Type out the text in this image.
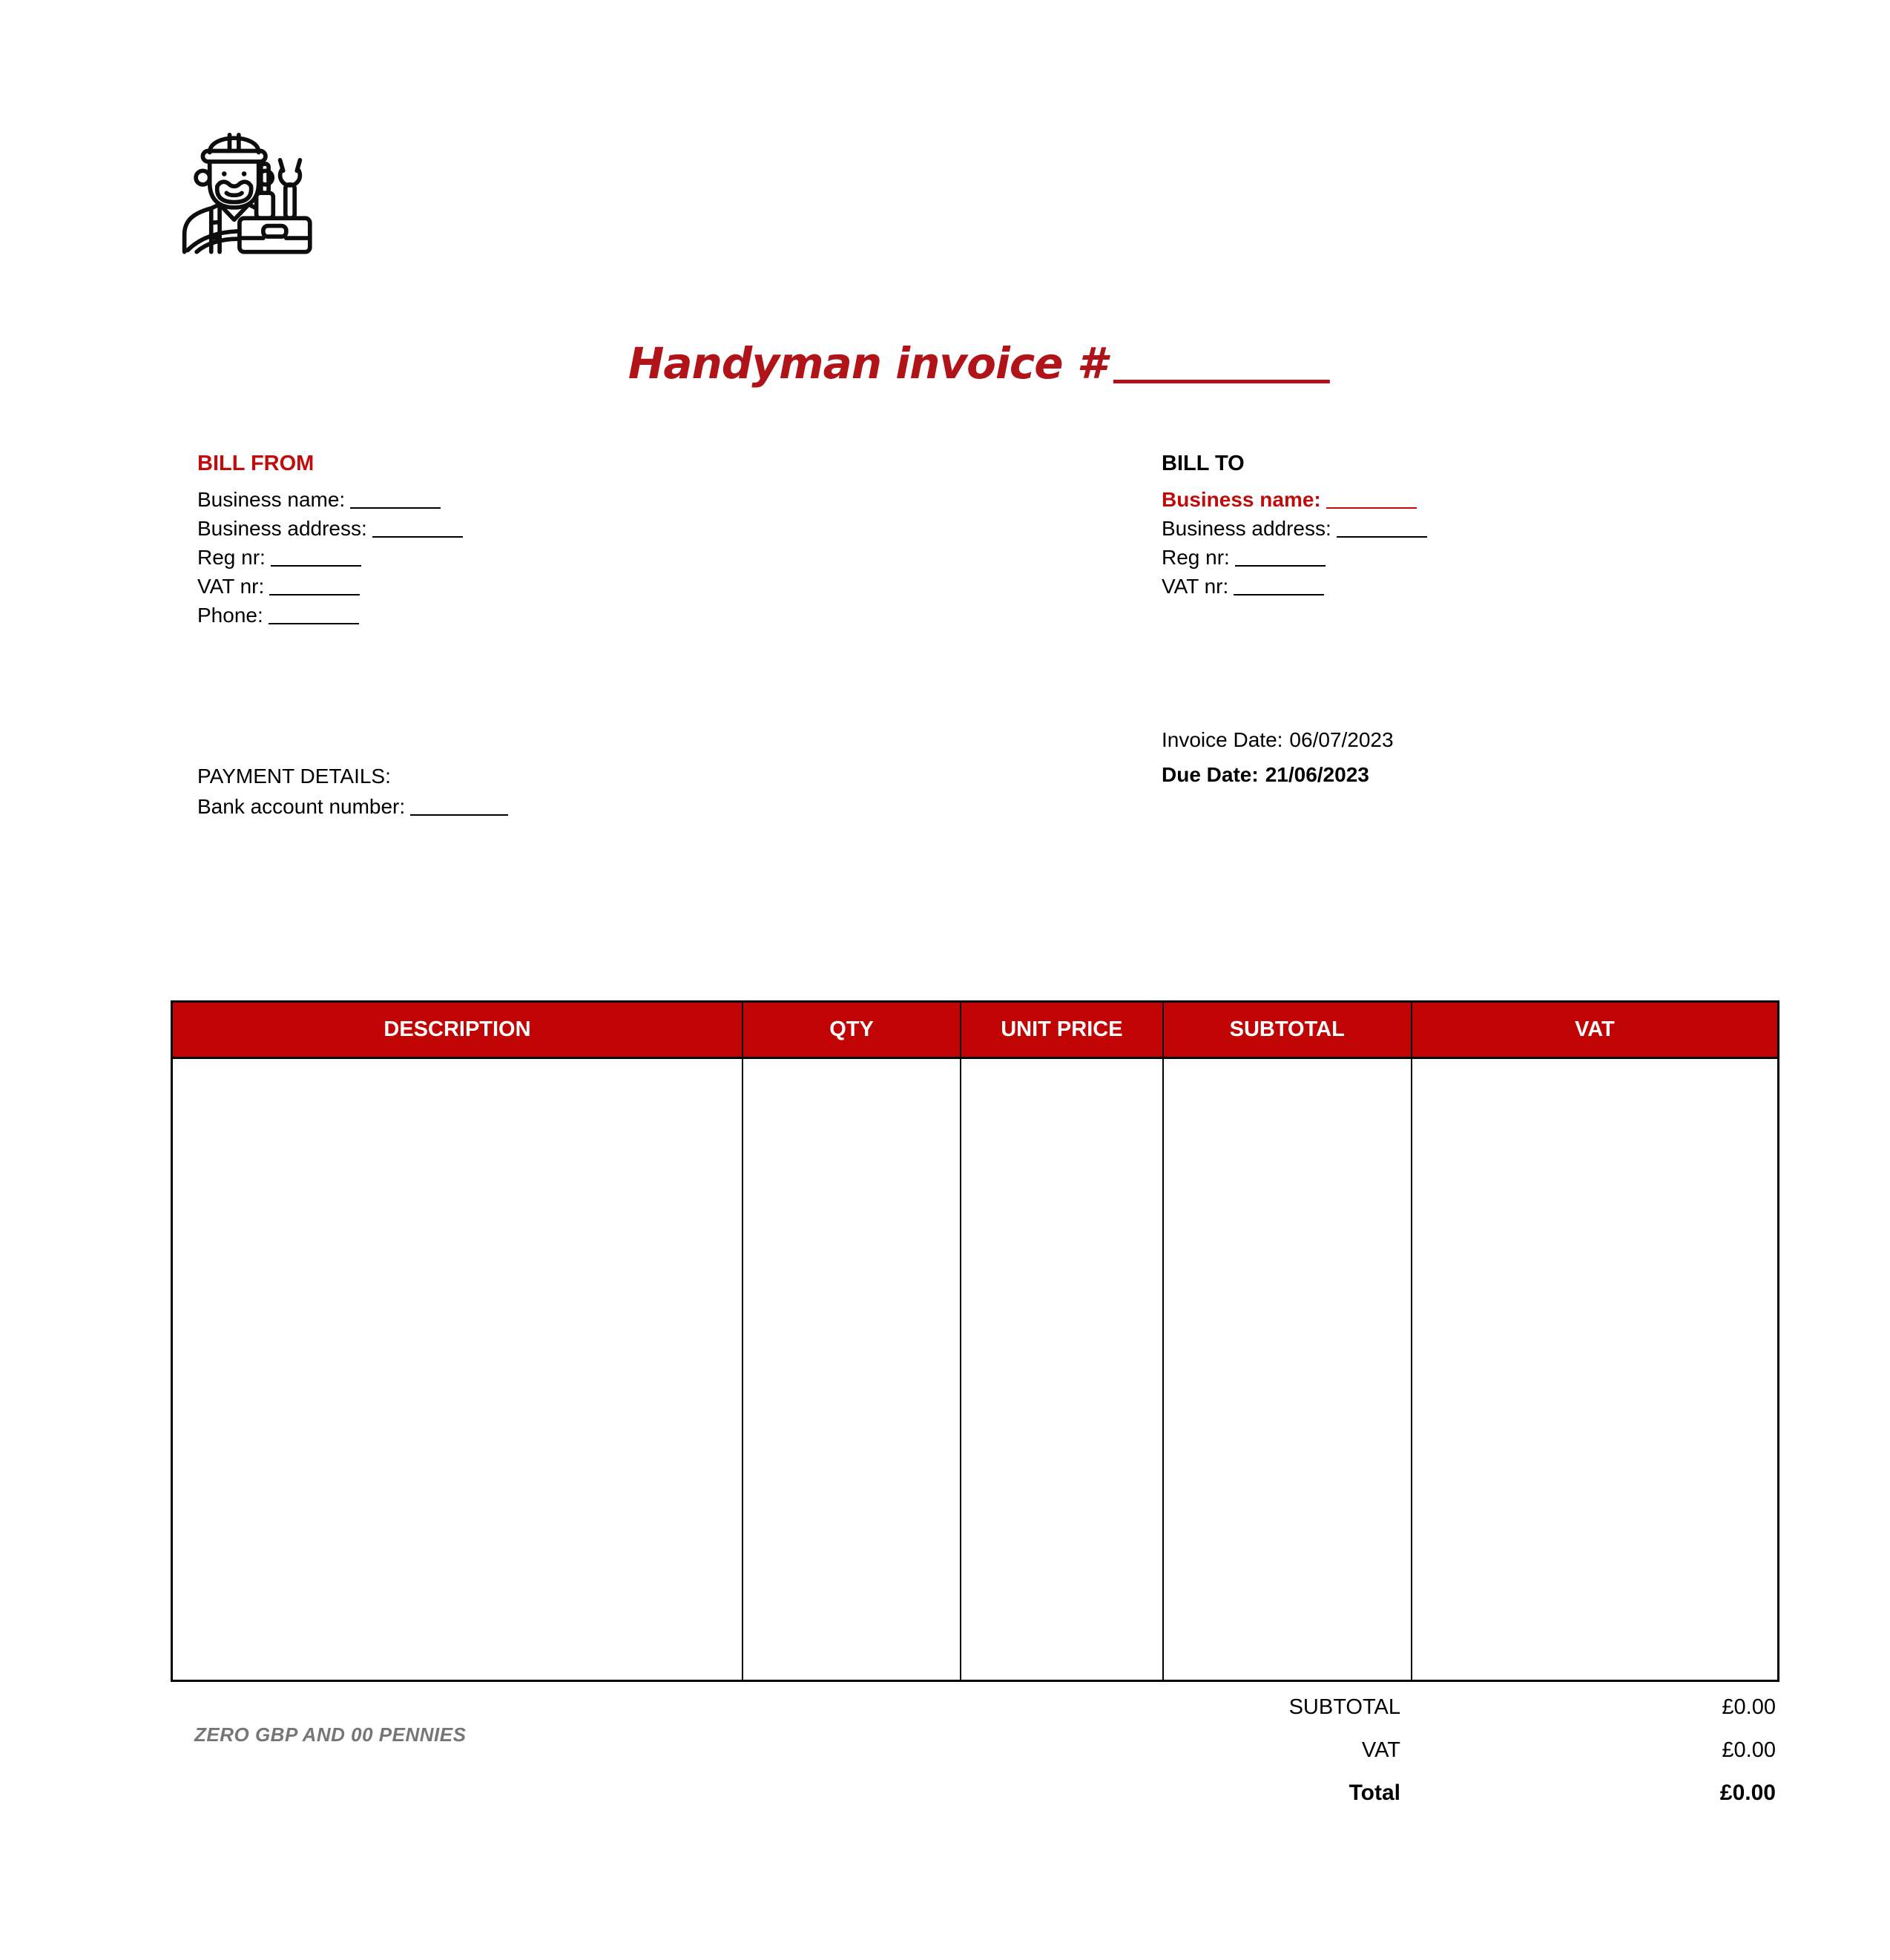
Handyman invoice #
BILL FROM
Business name:
Business address:
Reg nr:
VAT nr:
Phone:
BILL TO
Business name:
Business address:
Reg nr:
VAT nr:
Invoice Date: 06/07/2023
Due Date: 21/06/2023
PAYMENT DETAILS:
Bank account number:
DESCRIPTION	QTY	UNIT PRICE	SUBTOTAL	VAT
SUBTOTAL	£0.00
VAT	£0.00
Total	£0.00
ZERO GBP AND 00 PENNIES
